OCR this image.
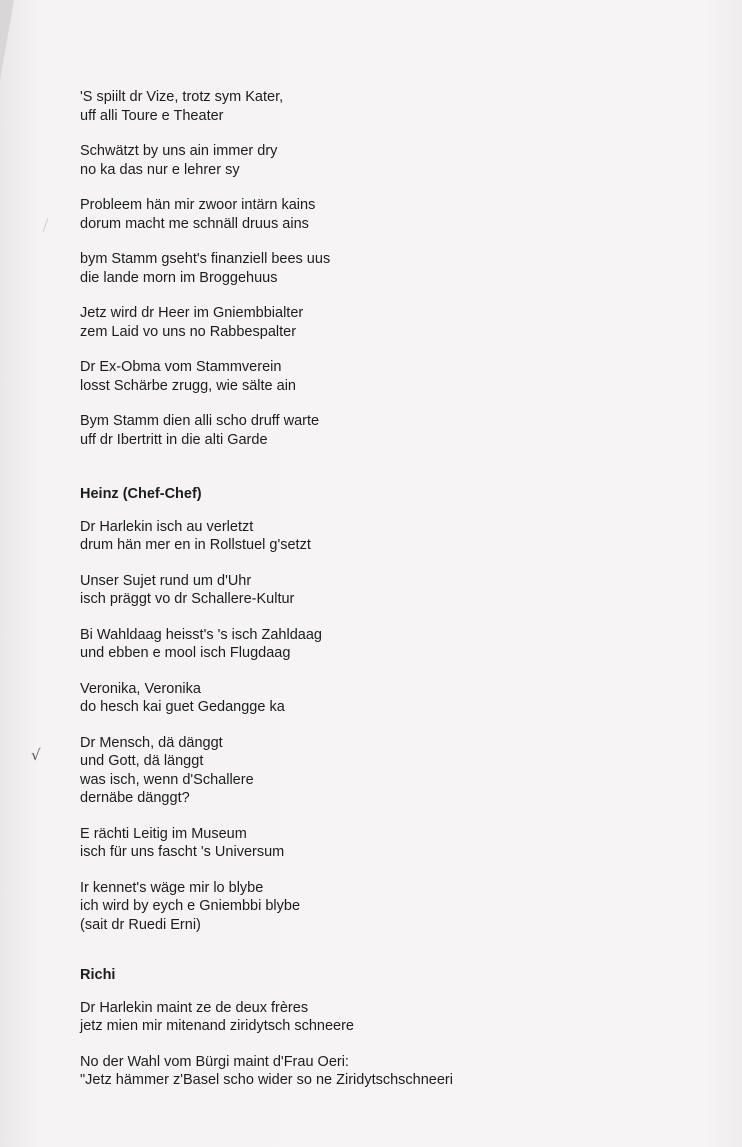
√
'S spiilt dr Vize, trotz sym Kater,
uff alli Toure e Theater
Schwätzt by uns ain immer dry
no ka das nur e lehrer sy
Probleem hän mir zwoor intärn kains
dorum macht me schnäll druus ains
bym Stamm gseht's finanziell bees uus
die lande morn im Broggehuus
Jetz wird dr Heer im Gniembbialter
zem Laid vo uns no Rabbespalter
Dr Ex-Obma vom Stammverein
losst Schärbe zrugg, wie sälte ain
Bym Stamm dien alli scho druff warte
uff dr Ibertritt in die alti Garde
Heinz (Chef-Chef)
Dr Harlekin isch au verletzt
drum hän mer en in Rollstuel g'setzt
Unser Sujet rund um d'Uhr
isch präggt vo dr Schallere-Kultur
Bi Wahldaag heisst's 's isch Zahldaag
und ebben e mool isch Flugdaag
Veronika, Veronika
do hesch kai guet Gedangge ka
Dr Mensch, dä dänggt
und Gott, dä länggt
was isch, wenn d'Schallere
dernäbe dänggt?
E rächti Leitig im Museum
isch für uns fascht 's Universum
Ir kennet's wäge mir lo blybe
ich wird by eych e Gniembbi blybe
(sait dr Ruedi Erni)
Richi
Dr Harlekin maint ze de deux frères
jetz mien mir mitenand ziridytsch schneere
No der Wahl vom Bürgi maint d'Frau Oeri:
"Jetz hämmer z'Basel scho wider so ne Ziridytschschneeri
